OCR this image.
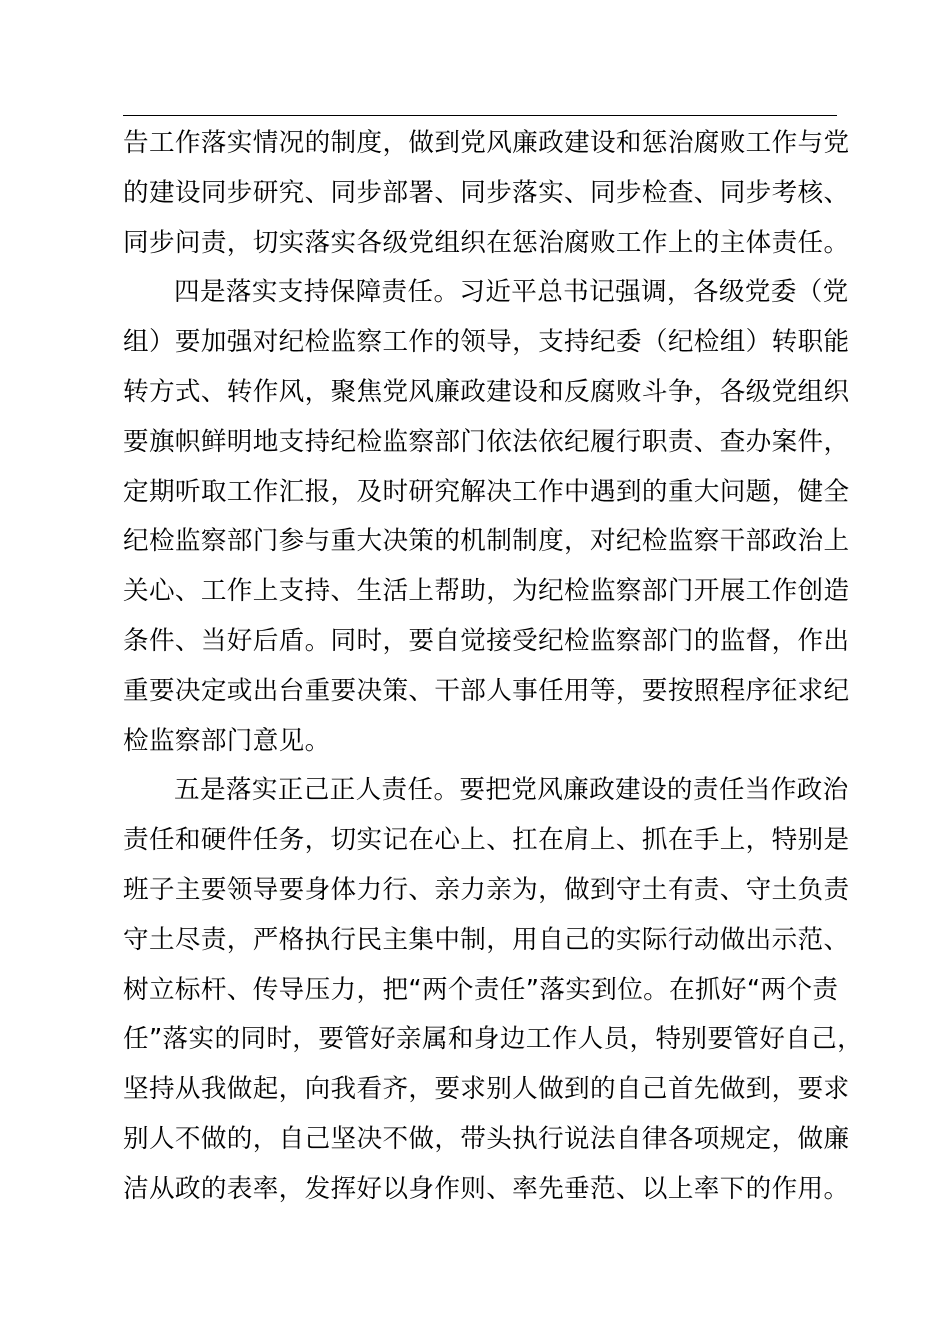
告工作落实情况的制度，做到党风廉政建设和惩治腐败工作与党
的建设同步研究、同步部署、同步落实、同步检查、同步考核、
同步问责，切实落实各级党组织在惩治腐败工作上的主体责任。
四是落实支持保障责任。习近平总书记强调，各级党委（党
组）要加强对纪检监察工作的领导，支持纪委（纪检组）转职能
转方式、转作风，聚焦党风廉政建设和反腐败斗争，各级党组织
要旗帜鲜明地支持纪检监察部门依法依纪履行职责、查办案件，
定期听取工作汇报，及时研究解决工作中遇到的重大问题，健全
纪检监察部门参与重大决策的机制制度，对纪检监察干部政治上
关心、工作上支持、生活上帮助，为纪检监察部门开展工作创造
条件、当好后盾。同时，要自觉接受纪检监察部门的监督，作出
重要决定或出台重要决策、干部人事任用等，要按照程序征求纪
检监察部门意见。
五是落实正己正人责任。要把党风廉政建设的责任当作政治
责任和硬件任务，切实记在心上、扛在肩上、抓在手上，特别是
班子主要领导要身体力行、亲力亲为，做到守土有责、守土负责
守土尽责，严格执行民主集中制，用自己的实际行动做出示范、
树立标杆、传导压力，把“两个责任”落实到位。在抓好“两个责
任”落实的同时，要管好亲属和身边工作人员，特别要管好自己，
坚持从我做起，向我看齐，要求别人做到的自己首先做到，要求
别人不做的，自己坚决不做，带头执行说法自律各项规定，做廉
洁从政的表率，发挥好以身作则、率先垂范、以上率下的作用。
